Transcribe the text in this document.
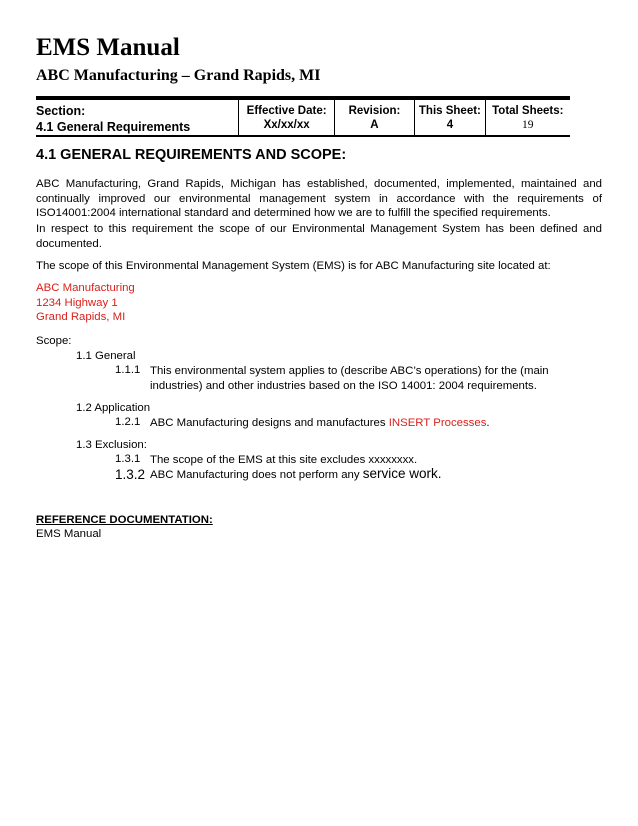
EMS Manual
ABC Manufacturing – Grand Rapids, MI
Section:
4.1 General Requirements
Effective Date:
Xx/xx/xx
Revision:
A
This Sheet:
4
Total Sheets:
19
4.1 GENERAL REQUIREMENTS AND SCOPE:
ABC Manufacturing, Grand Rapids, Michigan has established, documented, implemented, maintained and continually improved our environmental management system in accordance with the requirements of ISO14001:2004 international standard and determined how we are to fulfill the specified requirements.
In respect to this requirement the scope of our Environmental Management System has been defined and documented.
The scope of this Environmental Management System (EMS) is for ABC Manufacturing site located at:
ABC Manufacturing
1234 Highway 1
Grand Rapids, MI
Scope:
1.1 General
1.1.1 This environmental system applies to (describe ABC’s operations) for the (main industries) and other industries based on the ISO 14001: 2004 requirements.
1.2 Application
1.2.1 ABC Manufacturing designs and manufactures INSERT Processes.
1.3 Exclusion:
1.3.1 The scope of the EMS at this site excludes xxxxxxxx.
1.3.2 ABC Manufacturing does not perform any service work.
REFERENCE DOCUMENTATION:
EMS Manual
